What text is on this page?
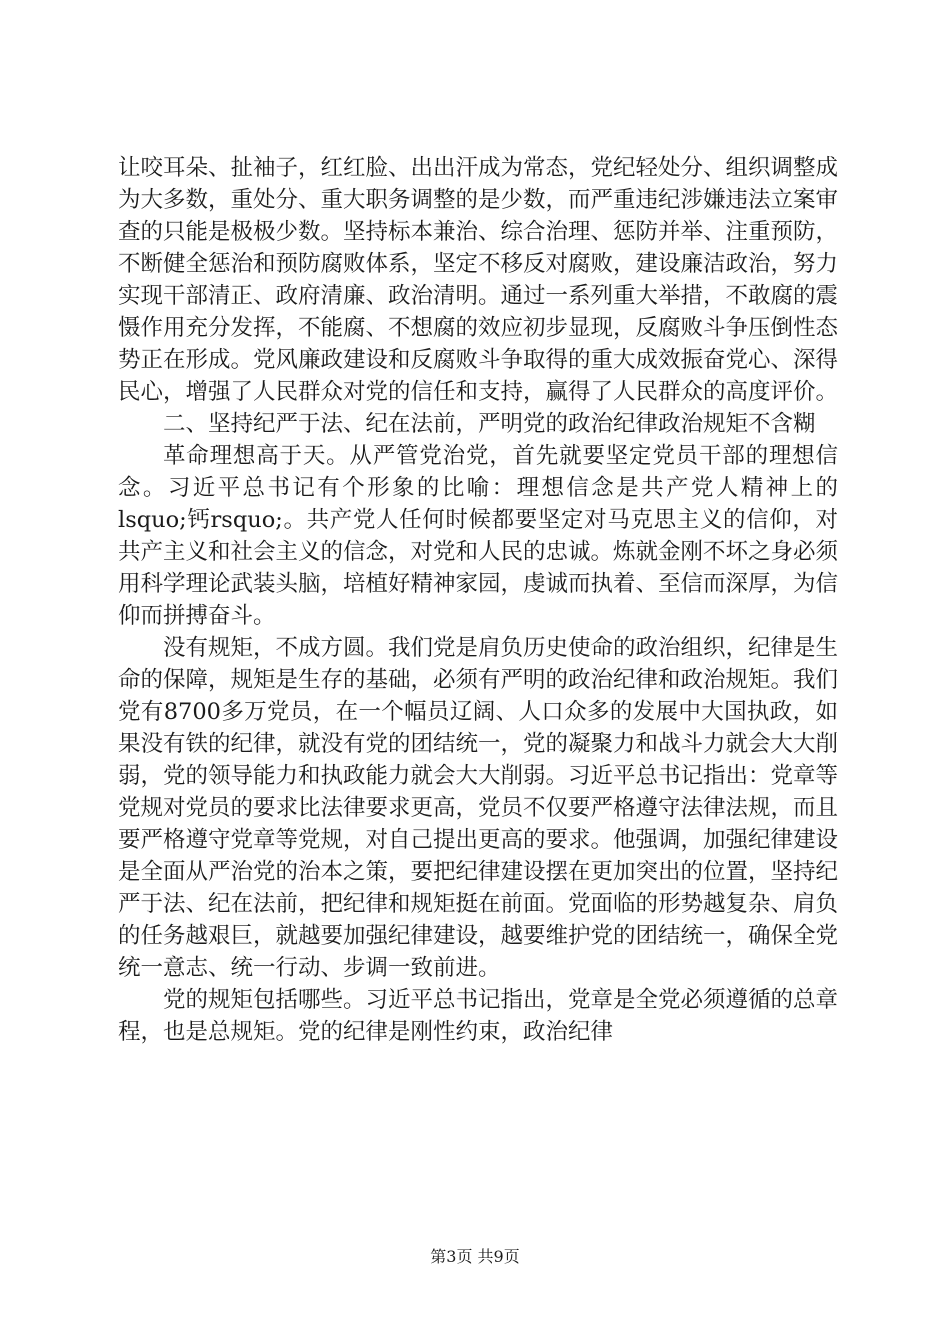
让咬耳朵、扯袖子，红红脸、出出汗成为常态，党纪轻处分、组织调整成为大多数，重处分、重大职务调整的是少数，而严重违纪涉嫌违法立案审查的只能是极极少数。坚持标本兼治、综合治理、惩防并举、注重预防，不断健全惩治和预防腐败体系，坚定不移反对腐败，建设廉洁政治，努力实现干部清正、政府清廉、政治清明。通过一系列重大举措，不敢腐的震慑作用充分发挥，不能腐、不想腐的效应初步显现，反腐败斗争压倒性态势正在形成。党风廉政建设和反腐败斗争取得的重大成效振奋党心、深得民心，增强了人民群众对党的信任和支持，赢得了人民群众的高度评价。

二、坚持纪严于法、纪在法前，严明党的政治纪律政治规矩不含糊

革命理想高于天。从严管党治党，首先就要坚定党员干部的理想信念。习近平总书记有个形象的比喻：理想信念是共产党人精神上的lsquo;钙rsquo;。共产党人任何时候都要坚定对马克思主义的信仰，对共产主义和社会主义的信念，对党和人民的忠诚。炼就金刚不坏之身必须用科学理论武装头脑，培植好精神家园，虔诚而执着、至信而深厚，为信仰而拼搏奋斗。

没有规矩，不成方圆。我们党是肩负历史使命的政治组织，纪律是生命的保障，规矩是生存的基础，必须有严明的政治纪律和政治规矩。我们党有8700多万党员，在一个幅员辽阔、人口众多的发展中大国执政，如果没有铁的纪律，就没有党的团结统一，党的凝聚力和战斗力就会大大削弱，党的领导能力和执政能力就会大大削弱。习近平总书记指出：党章等党规对党员的要求比法律要求更高，党员不仅要严格遵守法律法规，而且要严格遵守党章等党规，对自己提出更高的要求。他强调，加强纪律建设是全面从严治党的治本之策，要把纪律建设摆在更加突出的位置，坚持纪严于法、纪在法前，把纪律和规矩挺在前面。党面临的形势越复杂、肩负的任务越艰巨，就越要加强纪律建设，越要维护党的团结统一，确保全党统一意志、统一行动、步调一致前进。

党的规矩包括哪些。习近平总书记指出，党章是全党必须遵循的总章程，也是总规矩。党的纪律是刚性约束，政治纪律

第3页 共9页
